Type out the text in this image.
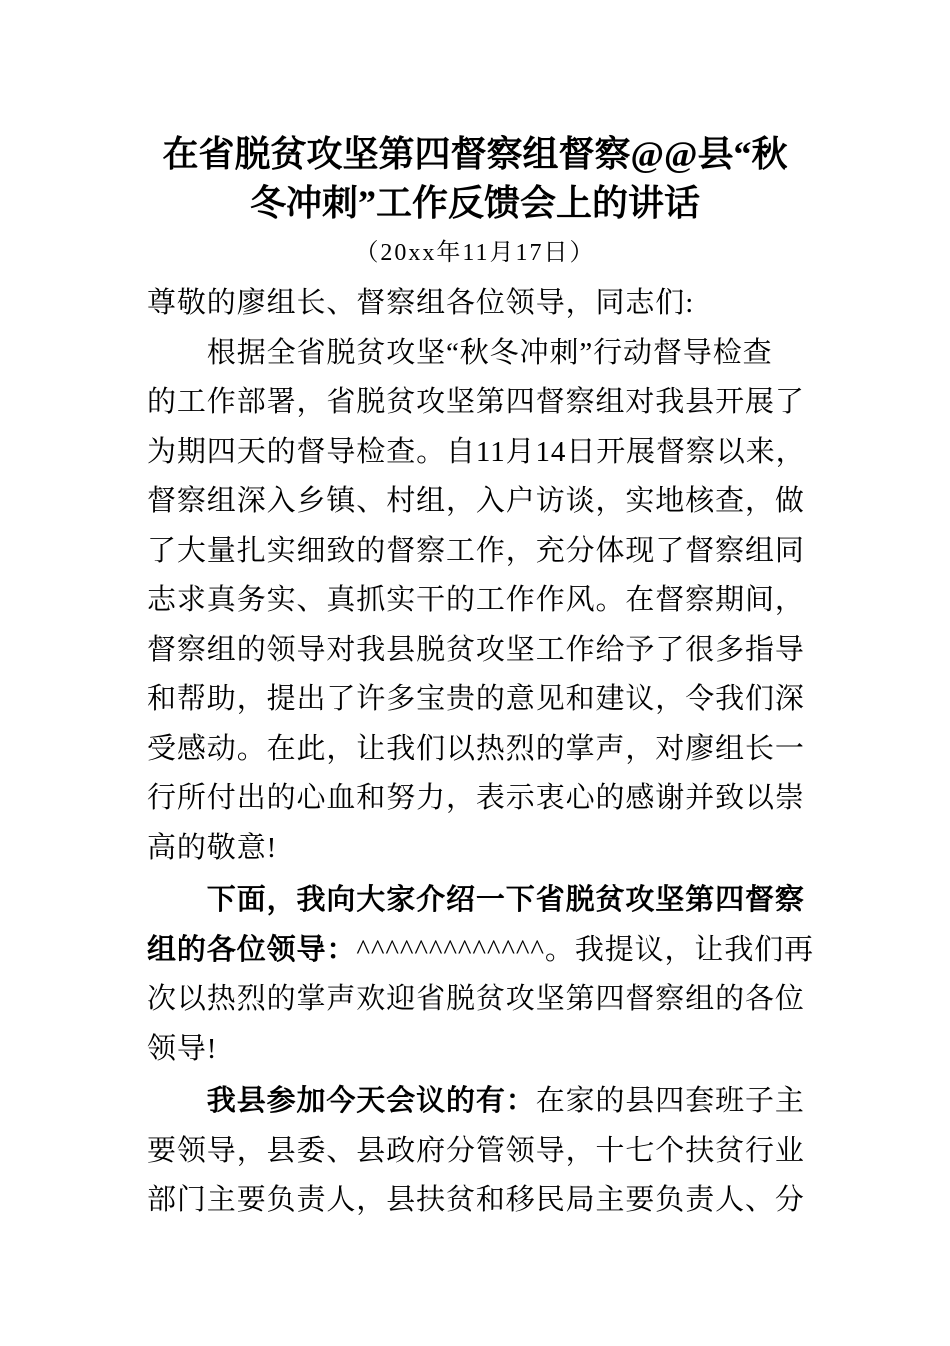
在省脱贫攻坚第四督察组督察@@县“秋
冬冲刺”工作反馈会上的讲话
（20xx年11月17日）
尊敬的廖组长、督察组各位领导，同志们:
　　根据全省脱贫攻坚“秋冬冲刺”行动督导检查
的工作部署，省脱贫攻坚第四督察组对我县开展了
为期四天的督导检查。自11月14日开展督察以来，
督察组深入乡镇、村组，入户访谈，实地核查，做
了大量扎实细致的督察工作，充分体现了督察组同
志求真务实、真抓实干的工作作风。在督察期间，
督察组的领导对我县脱贫攻坚工作给予了很多指导
和帮助，提出了许多宝贵的意见和建议，令我们深
受感动。在此，让我们以热烈的掌声，对廖组长一
行所付出的心血和努力，表示衷心的感谢并致以崇
高的敬意!
　　下面，我向大家介绍一下省脱贫攻坚第四督察
组的各位领导：^^^^^^^^^^^^^。我提议，让我们再
次以热烈的掌声欢迎省脱贫攻坚第四督察组的各位
领导!
　　我县参加今天会议的有：在家的县四套班子主
要领导，县委、县政府分管领导，十七个扶贫行业
部门主要负责人，县扶贫和移民局主要负责人、分
